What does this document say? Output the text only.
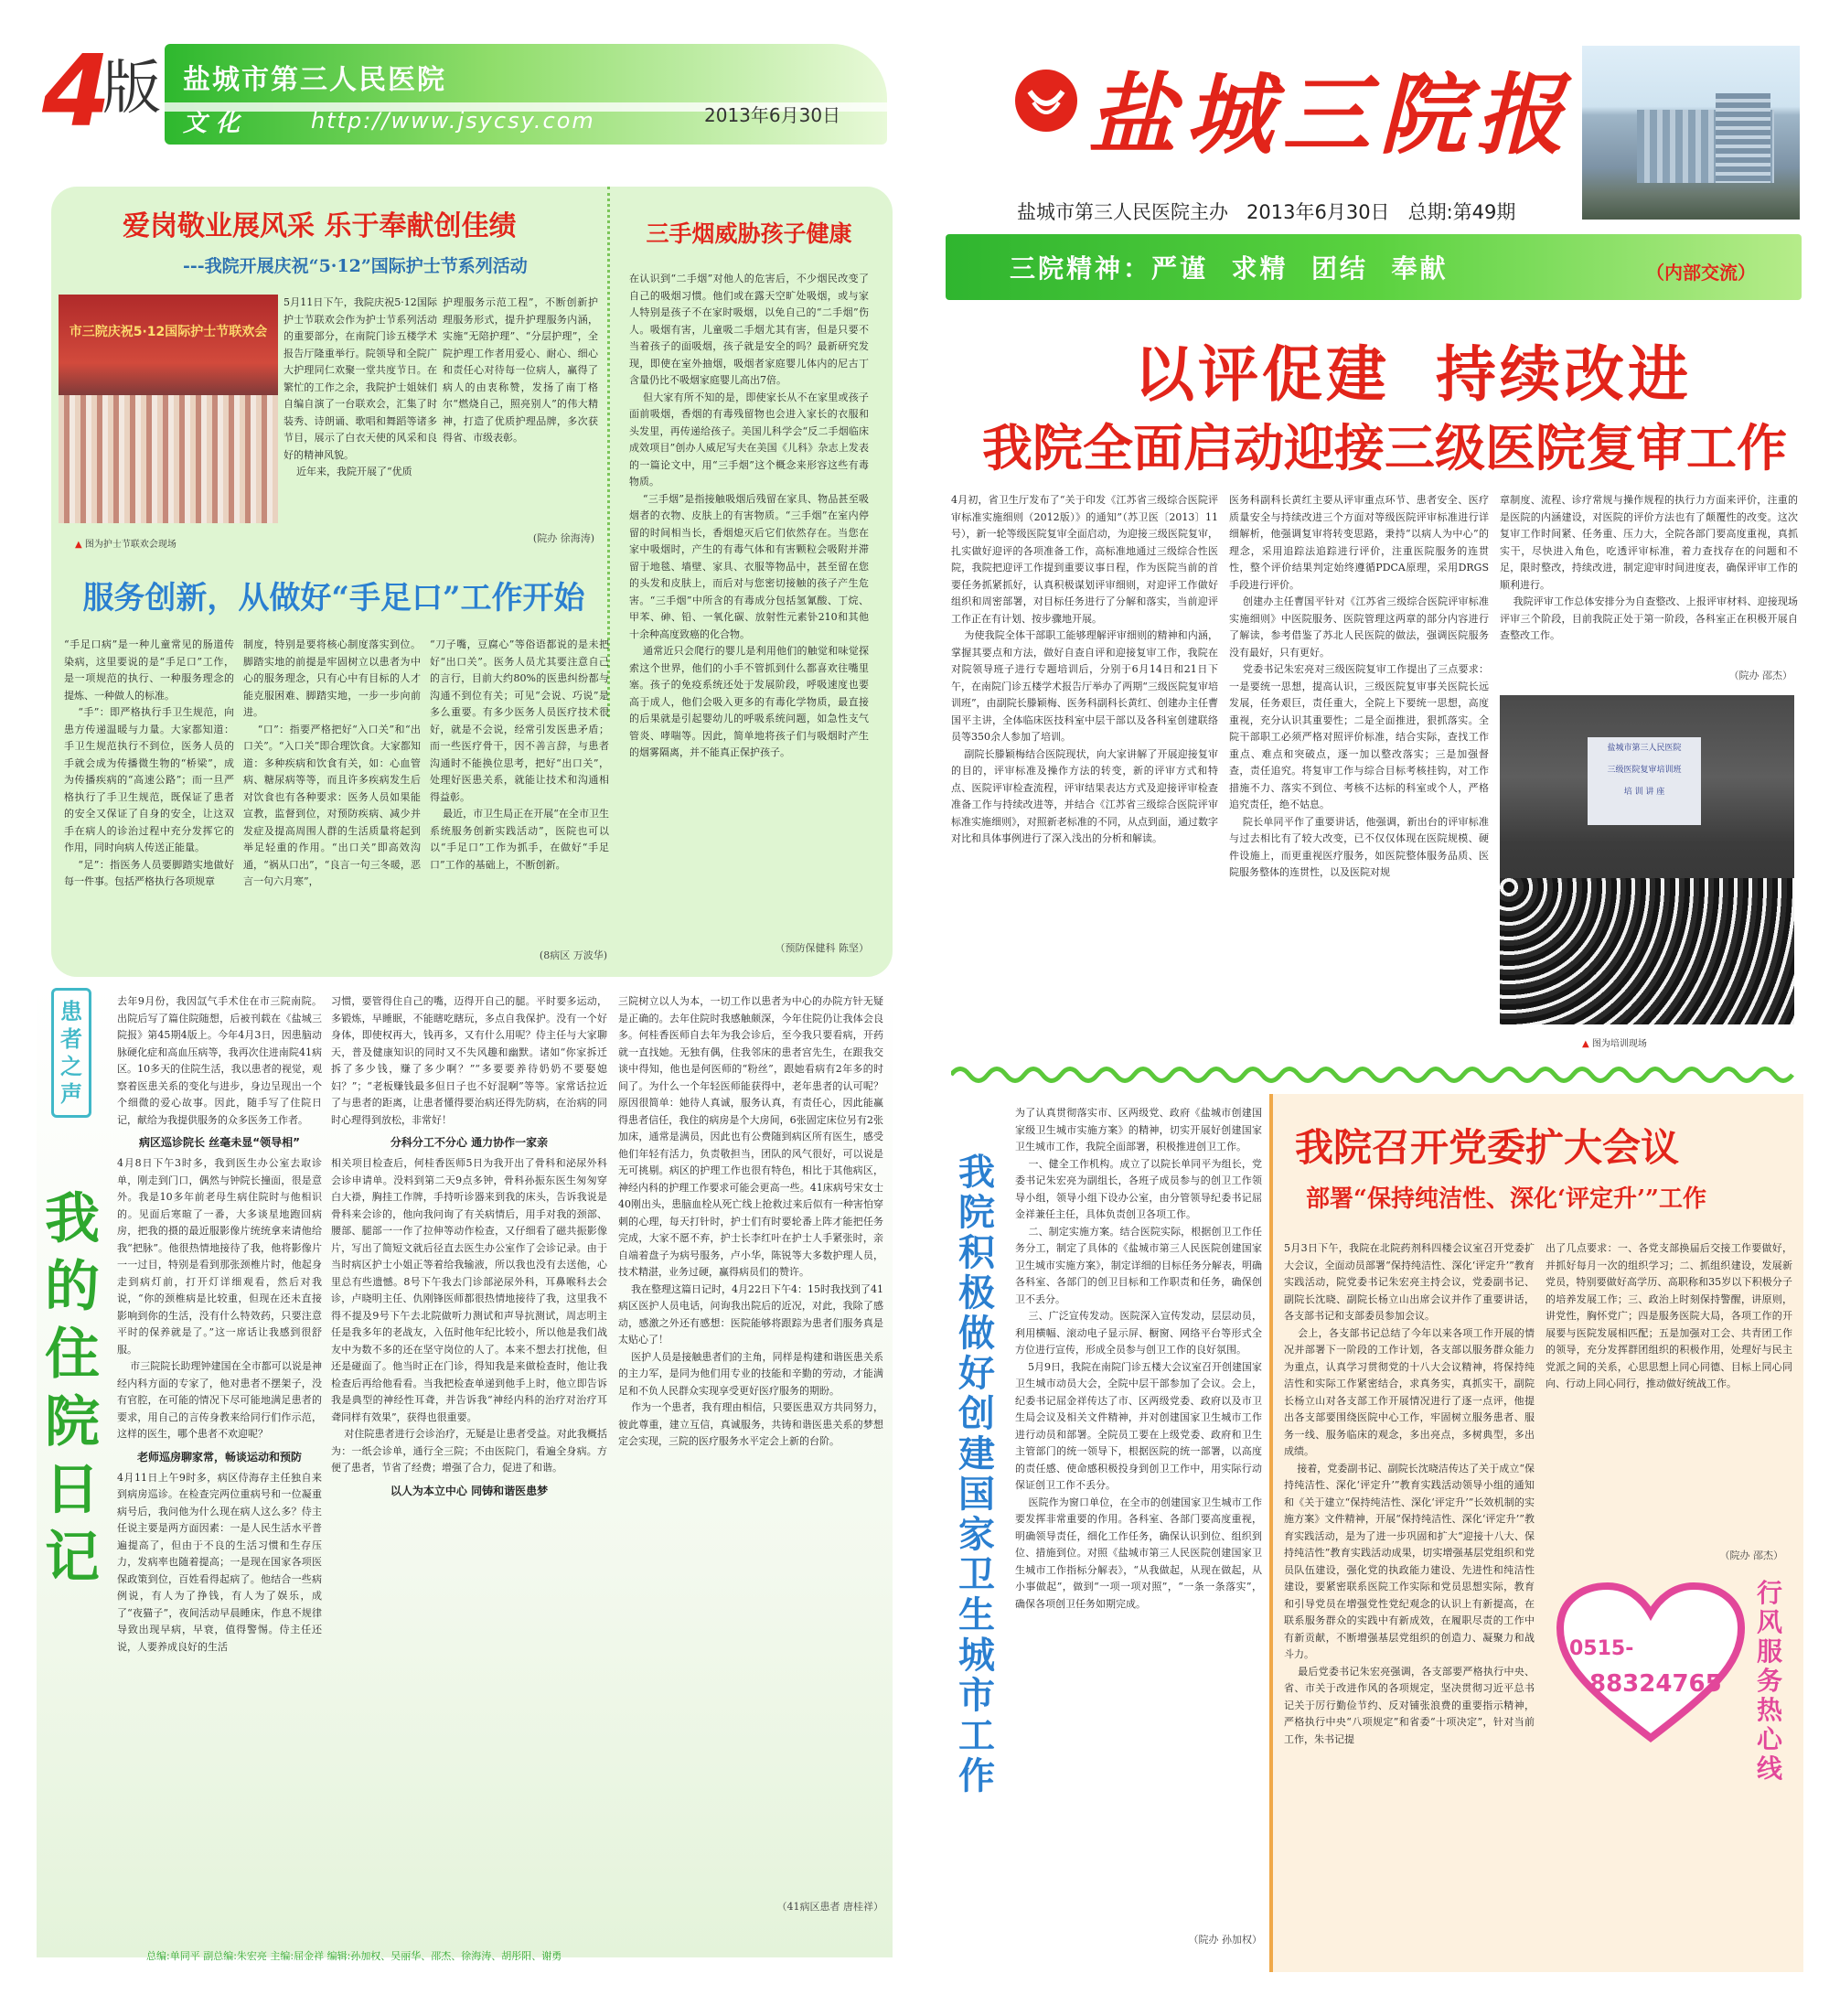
4
版 盐城市第三人民医院
文化	http://www.jsycsy.com	2013年6月30日
爱岗敬业展风采 乐于奉献创佳绩
---我院开展庆祝“5·12”国际护士节系列活动
市三院庆祝5·12国际护士节联欢会
▲ 图为护士节联欢会现场
5月11日下午，我院庆祝5·12国际护士节联欢会作为护士节系列活动的重要部分，在南院门诊五楼学术报告厅隆重举行。院领导和全院广大护理同仁欢聚一堂共度节日。在繁忙的工作之余，我院护士姐妹们自编自演了一台联欢会，汇集了时装秀、诗朗诵、歌唱和舞蹈等诸多节目，展示了白衣天使的风采和良好的精神风貌。
近年来，我院开展了“优质
护理服务示范工程”，不断创新护理服务形式，提升护理服务内涵，实施“无陪护理”、“分层护理”，全院护理工作者用爱心、耐心、细心和责任心对待每一位病人，赢得了病人的由衷称赞，发扬了南丁格尔“燃烧自己，照亮别人”的伟大精神，打造了优质护理品牌，多次获得省、市级表彰。
(院办 徐海涛)
服务创新，从做好“手足口”工作开始
“手足口病”是一种儿童常见的肠道传染病，这里要说的是“手足口”工作，是一项规范的执行、一种服务理念的提炼、一种做人的标准。
“手”：即严格执行手卫生规范，向患方传递温暖与力量。大家都知道：手卫生规范执行不到位，医务人员的手就会成为传播微生物的“桥梁”，成为传播疾病的“高速公路”；而一旦严格执行了手卫生规范，既保证了患者的安全又保证了自身的安全，让这双手在病人的诊治过程中充分发挥它的作用，同时向病人传送正能量。
“足”：指医务人员要脚踏实地做好每一件事。包括严格执行各项规章
制度，特别是要将核心制度落实到位。脚踏实地的前提是牢固树立以患者为中心的服务理念，只有心中有目标的人才能克服困难、脚踏实地，一步一步向前进。
“口”：指要严格把好“入口关”和“出口关”。“入口关”即合理饮食。大家都知道：多种疾病和饮食有关，如：心血管病、糖尿病等等，而且许多疾病发生后对饮食也有各种要求：医务人员如果能宣教，监督到位，对预防疾病、减少并发症及提高周围人群的生活质量将起到举足轻重的作用。“出口关”即高效沟通，“祸从口出”，“良言一句三冬暖，恶言一句六月寒”，
“刀子嘴，豆腐心”等俗语都说的是未把好“出口关”。医务人员尤其要注意自己的言行，目前大约80%的医患纠纷都与沟通不到位有关；可见“会说、巧说”是多么重要。有多少医务人员医疗技术很好，就是不会说，经常引发医患矛盾；而一些医疗骨干，因不善言辞，与患者沟通时不能换位思考，把好“出口关”，处理好医患关系，就能让技术和沟通相得益彰。
最近，市卫生局正在开展“在全市卫生系统服务创新实践活动”，医院也可以以“手足口”工作为抓手，在做好“手足口”工作的基础上，不断创新。
(8病区 万波华)
三手烟威胁孩子健康
在认识到“二手烟”对他人的危害后，不少烟民改变了自己的吸烟习惯。他们或在露天空旷处吸烟，或与家人特别是孩子不在家时吸烟，以免自己的“二手烟”伤人。吸烟有害，儿童吸二手烟尤其有害，但是只要不当着孩子的面吸烟，孩子就是安全的吗？最新研究发现，即使在室外抽烟，吸烟者家庭婴儿体内的尼古丁含量仍比不吸烟家庭婴儿高出7倍。
但大家有所不知的是，即使家长从不在家里或孩子面前吸烟，香烟的有毒残留物也会进入家长的衣服和头发里，再传递给孩子。美国儿科学会“反二手烟临床成效项目”创办人威尼写夫在美国《儿科》杂志上发表的一篇论文中，用“三手烟”这个概念来形容这些有毒物质。
“三手烟”是指接触吸烟后残留在家具、物品甚至吸烟者的衣物、皮肤上的有害物质。“三手烟”在室内停留的时间相当长，香烟熄灭后它们依然存在。当您在家中吸烟时，产生的有毒气体和有害颗粒会吸附并滞留于地毯、墙壁、家具、衣服等物品中，甚至留在您的头发和皮肤上，而后对与您密切接触的孩子产生危害。“三手烟”中所含的有毒成分包括氢氰酸、丁烷、甲苯、砷、铅、一氧化碳、放射性元素钋210和其他十余种高度致癌的化合物。
通常近只会爬行的婴儿是利用他们的触觉和味觉探索这个世界，他们的小手不管抓到什么都喜欢往嘴里塞。孩子的免疫系统还处于发展阶段，呼吸速度也要高于成人，他们会吸入更多的有毒化学物质，最直接的后果就是引起婴幼儿的呼吸系统问题，如急性支气管炎、哮喘等。因此，简单地将孩子们与吸烟时产生的烟雾隔离，并不能真正保护孩子。
（预防保健科 陈坚）
患者之声
我的住院日记
去年9月份，我因氙气手术住在市三院南院。出院后写了篇住院随想，后被刊载在《盐城三院报》第45期4版上。今年4月3日，因患脑动脉硬化症和高血压病等，我再次住进南院41病区。10多天的住院生活，我以患者的视觉，观察着医患关系的变化与进步，身边呈现出一个个细微的爱心故事。因此，随手写了住院日记，献给为我提供服务的众多医务工作者。
病区巡诊院长 丝毫未显“领导相”
4月8日下午3时多，我到医生办公室去取诊单，刚走到门口，偶然与钟院长撞面，很是意外。我是10多年前老母生病住院时与他相识的。见面后寒暄了一番，大多谈星地跑回病房，把我的摄的最近服影像片统统拿来请他给我“把脉”。他很热情地接待了我，他将影像片一一过目，特别是看到那张颈椎片时，他起身走到病灯前，打开灯详细观看，然后对我说，“你的颈椎病是比较重，但现在还未直接影响到你的生活，没有什么特效药，只要注意平时的保养就是了。”这一席话让我感到很舒服。
市三院院长助理钟建国在全市都可以说是神经内科方面的专家了，他对患者不摆架子，没有官腔，在可能的情况下尽可能地满足患者的要求，用自己的言传身教来给同行们作示范，这样的医生，哪个患者不欢迎呢？
老师巡房聊家常，畅谈运动和预防
4月11日上午9时多，病区侍海存主任独自来到病房巡诊。在检查完两位重病号和一位凝重病号后，我问他为什么现在病人这么多？侍主任说主要是两方面因素：一是人民生活水平普遍提高了，但由于不良的生活习惯和生存压力，发病率也随着提高；一是现在国家各项医保政策到位，百姓看得起病了。他结合一些病例说，有人为了挣钱，有人为了娱乐，成了“夜猫子”，夜间活动早晨睡床，作息不规律导致出现早病，早衰，值得警惕。侍主任还说，人要养成良好的生活
习惯，要管得住自己的嘴，迈得开自己的腿。平时要多运动，多锻炼，早睡眠，不能瞎吃瞎玩，多点自我保护。没有一个好身体，即使权再大，钱再多，又有什么用呢？侍主任与大家聊天，普及健康知识的同时又不失风趣和幽默。诸如“你家拆迁拆了多少钱，赚了多少啊？”“多要要养待奶奶不要娶媳妇？”；“老板赚钱最多但日子也不好混啊”等等。家常话拉近了与患者的距离，让患者懂得要治病还得先防病，在治病的同时心理得到放松，非常好！
分科分工不分心 通力协作一家亲
相关项目检查后，何桂香医师5日为我开出了骨科和泌尿外科会诊申请单。没料到第二天9点多钟，骨科孙振东医生匆匆穿白大褂，胸挂工作牌，手持听诊器来到我的床头，告诉我说是骨科来会诊的，他向我问询了有关病情后，用手对我的颈部、腰部、腿部一一作了拉伸等动作检查，又仔细看了磁共振影像片，写出了简短文就后径直去医生办公室作了会诊记录。由于当时病区护士小姐正等着给我输液，所以我也没有去送他，心里总有些遗憾。8号下午我去门诊部泌尿外科，耳鼻喉科去会诊，卢晓明主任、仇刚锋医师都很热情地接待了我，这里我不得不提及9号下午去北院做听力测试和声导抗测试，周志明主任是我多年的老战友，入伍时他年纪比较小，所以他是我们战友中为数不多的还在坚守岗位的人了。本来不想去打扰他，但还是碰面了。他当时正在门诊，得知我是来做检查时，他让我检查后再给他看看。当我把检查单递到他手上时，他立即告诉我是典型的神经性耳聋，并告诉我“神经内科的治疗对治疗耳聋同样有效果”，获得也很重要。
对住院患者进行会诊治疗，无疑是让患者受益。对此我概括为：一纸会诊单，通行全三院；不由医院门，看遍全身病。方便了患者，节省了经费；增强了合力，促进了和谐。
以人为本立中心 同铸和谐医患梦
三院树立以人为本，一切工作以患者为中心的办院方针无疑是正确的。去年住院时我感触颇深，今年住院仍让我体会良多。何桂香医师自去年为我会诊后，至今我只要看病，开药就一直找她。无独有偶，住我邻床的患者宫先生，在跟我交谈中得知，他也是何医师的“粉丝”，跟她看病有2年多的时间了。为什么一个年轻医师能获得中，老年患者的认可呢？原因很简单：她待人真诚，服务认真，有责任心，因此能赢得患者信任，我住的病房是个大房间，6张固定床位另有2张加床，通常是满员，因此也有公费随到病区所有医生，感受他们年轻有活力，负责敬担当，团队的风气很好，可以说是无可挑剔。病区的护理工作也很有特色，相比于其他病区，神经内科的护理工作要求可能会更高一些。41床病号宋女士40刚出头，患脑血栓从死亡线上抢救过来后似有一种害怕穿刺的心理，每天打针时，护士们有时要轮番上阵才能把任务完成，大家不愿不弃，护士长李红叶在护士人手紧张时，亲自端着盘子为病号服务，卢小华，陈锐等大多数护理人员，技术精湛，业务过硬，赢得病员们的赞许。
我在整理这篇日记时，4月22日下午4：15时我找到了41病区医护人员电话，问询我出院后的近况，对此，我除了感动，感激之外还有感想：医院能够将跟踪为患者们服务真是太贴心了！
医护人员是接触患者们的主角，同样是构建和谐医患关系的主力军，是同为他们用专业的技能和辛勤的劳动，才能满足和不负人民群众实现享受更好医疗服务的期盼。
作为一个患者，我有理由相信，只要医患双方共同努力，彼此尊重，建立互信，真诚服务，共铸和谐医患关系的梦想定会实现，三院的医疗服务水平定会上新的台阶。
（41病区患者 唐桂祥）
总编:单同平 副总编:朱宏亮 主编:屈金祥 编辑:孙加权、吴丽华、邵杰、徐海涛、胡彤阳、谢勇
盐城三院报
盐城市第三人民医院主办   2013年6月30日   总期:第49期
三院精神：严谨  求精  团结  奉献	（内部交流）
以评促建 持续改进
我院全面启动迎接三级医院复审工作
4月初，省卫生厅发布了“关于印发《江苏省三级综合医院评审标准实施细则（2012版）》的通知”（苏卫医〔2013〕11号），新一轮等级医院复审全面启动，为迎接三级医院复审，扎实做好迎评的各项准备工作，高标准地通过三级综合性医院，我院把迎评工作提到重要议事日程，作为医院当前的首要任务抓紧抓好，认真积极谋划评审细则，对迎评工作做好组织和周密部署，对目标任务进行了分解和落实，当前迎评工作正在有计划、按步骤地开展。
为使我院全体干部职工能够理解评审细则的精神和内涵，掌握其要点和方法，做好自查自评和迎接复审工作，我院在对院领导班子进行专题培训后，分别于6月14日和21日下午，在南院门诊五楼学术报告厅举办了两期“三级医院复审培训班”，由副院长滕颖梅、医务科副科长黄红、创建办主任曹国平主讲，全体临床医技科室中层干部以及各科室创建联络员等350余人参加了培训。
副院长滕颖梅结合医院现状，向大家讲解了开展迎接复审的目的，评审标准及操作方法的转变，新的评审方式和特点、医院评审检查流程，评审结果表达方式及迎接评审检查准备工作与持续改进等，并结合《江苏省三级综合医院评审标准实施细则》，对照新老标准的不同，从点到面，通过数字对比和具体事例进行了深入浅出的分析和解读。
医务科副科长黄红主要从评审重点环节、患者安全、医疗质量安全与持续改进三个方面对等级医院评审标准进行详细解析，他强调复审将转变思路，秉持“以病人为中心”的理念，采用追踪法追踪进行评价，注重医院服务的连贯性，整个评价结果判定始终遵循PDCA原理，采用DRGS手段进行评价。
创建办主任曹国平针对《江苏省三级综合医院评审标准实施细则》中医院服务、医院管理这两章的部分内容进行了解读，参考借鉴了苏北人民医院的做法，强调医院服务没有最好，只有更好。
党委书记朱宏亮对三级医院复审工作提出了三点要求：一是要统一思想，提高认识，三级医院复审事关医院长远发展，任务艰巨，责任重大，全院上下要统一思想，高度重视，充分认识其重要性；二是全面推进，狠抓落实。全院干部职工必须严格对照评价标准，结合实际，查找工作重点、难点和突破点，逐一加以整改落实；三是加强督查，责任追究。将复审工作与综合目标考核挂钩，对工作措施不力、落实不到位、考核不达标的科室或个人，严格追究责任，绝不姑息。
院长单同平作了重要讲话，他强调，新出台的评审标准与过去相比有了较大改变，已不仅仅体现在医院规模、硬件设施上，而更重视医疗服务，如医院整体服务品质、医院服务整体的连贯性，以及医院对规
章制度、流程、诊疗常规与操作规程的执行力方面来评价，注重的是医院的内涵建设，对医院的评价方法也有了颠覆性的改变。这次复审工作时间紧、任务重、压力大，全院各部门要高度重视，真抓实干，尽快进入角色，吃透评审标准，着力查找存在的问题和不足，限时整改，持续改进，制定迎审时间进度表，确保评审工作的顺利进行。
我院评审工作总体安排分为自查整改、上报评审材料、迎接现场评审三个阶段，目前我院正处于第一阶段，各科室正在积极开展自查整改工作。
（院办 邵杰）
盐城市第三人民医院
三级医院复审培训班
培 训 讲 座
▲ 图为培训现场
我院积极做好创建国家卫生城市工作
为了认真贯彻落实市、区两级党、政府《盐城市创建国家级卫生城市实施方案》的精神，切实开展好创建国家卫生城市工作，我院全面部署，积极推进创卫工作。
一、健全工作机构。成立了以院长单同平为组长，党委书记朱宏亮为副组长，各班子成员参与的创卫工作领导小组，领导小组下设办公室，由分管领导纪委书记屈金祥兼任主任，具体负责创卫各项工作。
二、制定实施方案。结合医院实际，根据创卫工作任务分工，制定了具体的《盐城市第三人民医院创建国家卫生城市实施方案》，制定详细的目标任务分解表，明确各科室、各部门的创卫目标和工作职责和任务，确保创卫不丢分。
三、广泛宣传发动。医院深入宣传发动，层层动员，利用横幅、滚动电子显示屏、橱窗、网络平台等形式全方位进行宣传，形成全员参与创卫工作的良好氛围。
5月9日，我院在南院门诊五楼大会议室召开创建国家卫生城市动员大会，全院中层干部参加了会议。会上，纪委书记屈金祥传达了市、区两级党委、政府以及市卫生局会议及相关文件精神，并对创建国家卫生城市工作进行动员和部署。全院员工要在上级党委、政府和卫生主管部门的统一领导下，根据医院的统一部署，以高度的责任感、使命感积极投身到创卫工作中，用实际行动保证创卫工作不丢分。
医院作为窗口单位，在全市的创建国家卫生城市工作要发挥非常重要的作用。各科室、各部门要高度重视，明确领导责任，细化工作任务，确保认识到位、组织到位、措施到位。对照《盐城市第三人民医院创建国家卫生城市工作指标分解表》，“从我做起，从现在做起，从小事做起”，做到“一项一项对照”，“一条一条落实”，确保各项创卫任务如期完成。
（院办 孙加权）
我院召开党委扩大会议
部署“保持纯洁性、深化‘评定升’”工作
5月3日下午，我院在北院药剂科四楼会议室召开党委扩大会议，全面动员部署“保持纯洁性、深化‘评定升’”教育实践活动，院党委书记朱宏亮主持会议，党委副书记、副院长沈晓、副院长杨立山出席会议并作了重要讲话，各支部书记和支部委员参加会议。
会上，各支部书记总结了今年以来各项工作开展的情况并部署下一阶段的工作计划，各支部以服务群众能力为重点，认真学习贯彻党的十八大会议精神，将保持纯洁性和实际工作紧密结合，求真务实，真抓实干，副院长杨立山对各支部工作开展情况进行了逐一点评，他提出各支部要围绕医院中心工作，牢固树立服务患者、服务一线、服务临床的观念，多出亮点，多树典型，多出成绩。
接着，党委副书记、副院长沈晓洁传达了关于成立“保持纯洁性、深化‘评定升’”教育实践活动领导小组的通知和《关于建立“保持纯洁性、深化‘评定升’”长效机制的实施方案》文件精神，开展“保持纯洁性、深化‘评定升’”教育实践活动，是为了进一步巩固和扩大“迎接十八大、保持纯洁性”教育实践活动成果，切实增强基层党组织和党员队伍建设，强化党的执政能力建设、先进性和纯洁性建设，要紧密联系医院工作实际和党员思想实际，教育和引导党员在增强党性党纪观念的认识上有新提高，在联系服务群众的实践中有新成效，在履职尽责的工作中有新贡献，不断增强基层党组织的创造力、凝聚力和战斗力。
最后党委书记朱宏亮强调，各支部要严格执行中央、省、市关于改进作风的各项规定，坚决贯彻习近平总书记关于厉行勤俭节约、反对铺张浪费的重要指示精神，严格执行中央“八项规定”和省委“十项决定”，针对当前工作，朱书记提
出了几点要求：一、各党支部换届后交接工作要做好，并抓好每月一次的组织学习；二、抓组织建设，发展新党员，特别要做好高学历、高职称和35岁以下积极分子的培养发展工作；三、政治上时刻保持警醒，讲原则，讲党性，胸怀党广；四是服务医院大局，各项工作的开展要与医院发展相匹配；五是加强对工会、共青团工作的领导，充分发挥群团组织的积极作用，处理好与民主党派之间的关系，心思思想上同心同德、目标上同心同向、行动上同心同行，推动做好统战工作。
（院办 邵杰）
0515-
88324765
行风服务热心线
